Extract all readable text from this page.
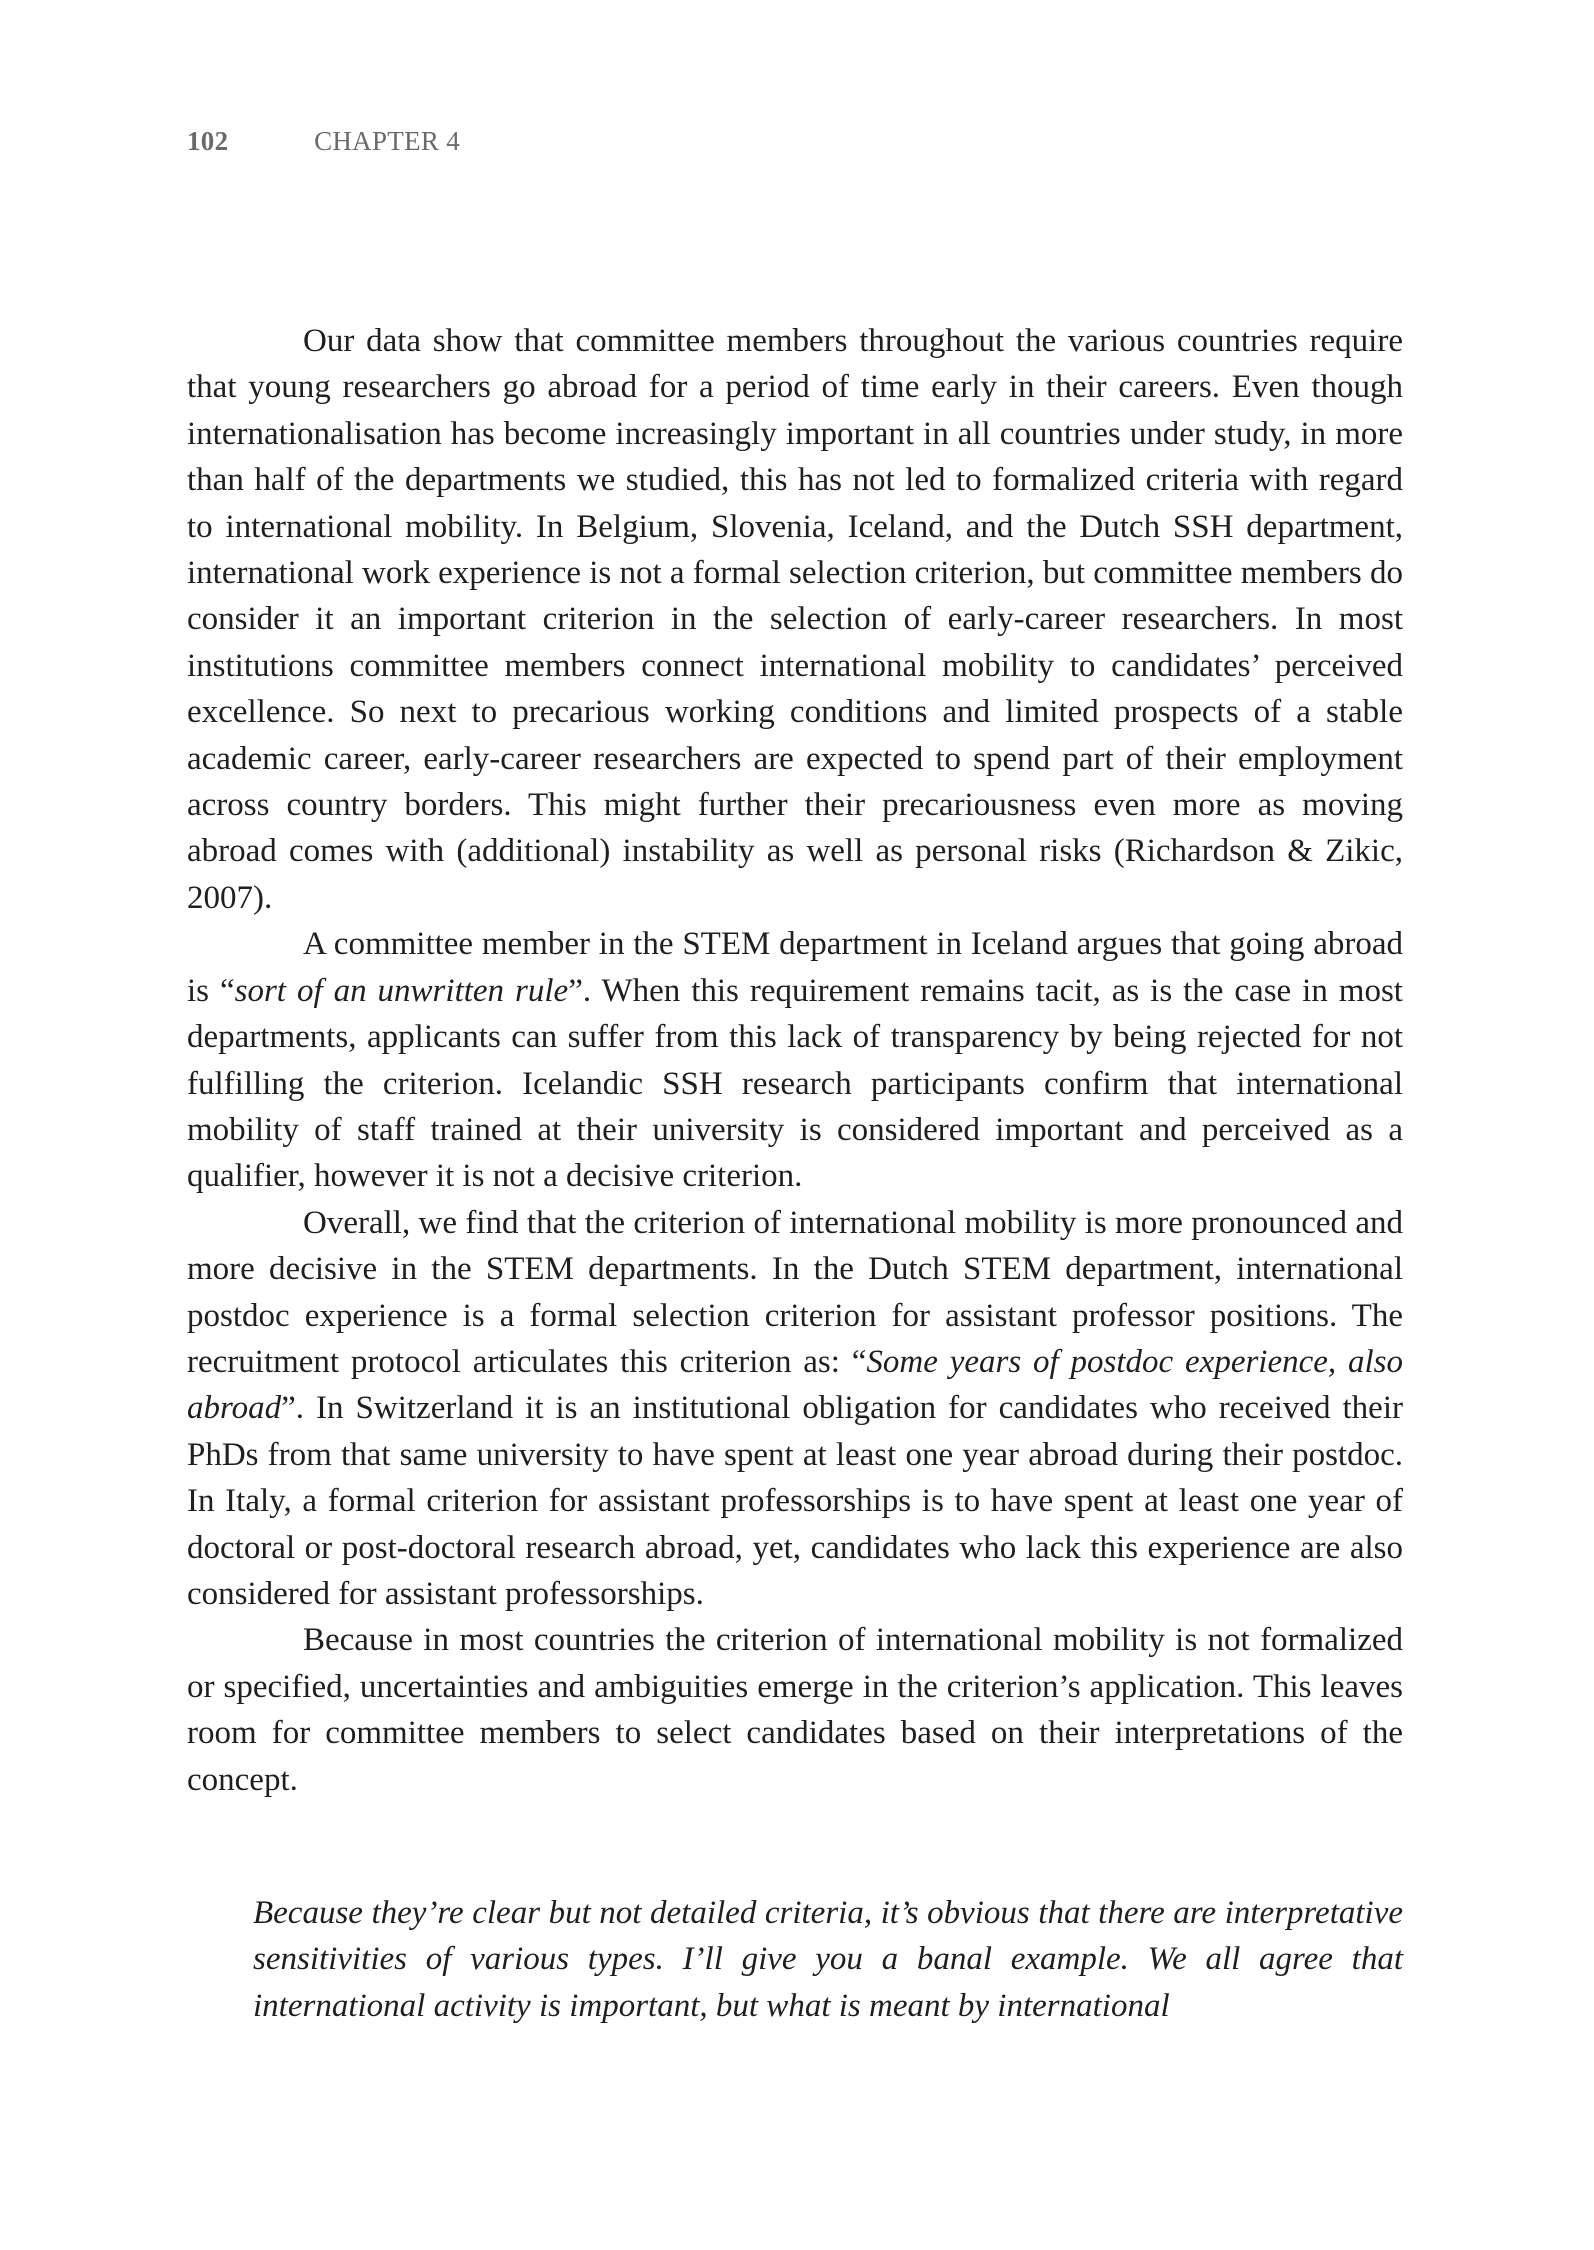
102	CHAPTER 4

Our data show that committee members throughout the various countries require that young researchers go abroad for a period of time early in their careers. Even though internationalisation has become increasingly important in all countries under study, in more than half of the departments we studied, this has not led to formalized criteria with regard to international mobility. In Belgium, Slovenia, Iceland, and the Dutch SSH department, international work experience is not a formal selection criterion, but committee members do consider it an important criterion in the selection of early-career researchers. In most institutions committee members connect international mobility to candidates’ perceived excellence. So next to precarious working conditions and limited prospects of a stable academic career, early-career researchers are expected to spend part of their employment across country borders. This might further their precariousness even more as moving abroad comes with (additional) instability as well as personal risks (Richardson & Zikic, 2007).

A committee member in the STEM department in Iceland argues that going abroad is “sort of an unwritten rule”. When this requirement remains tacit, as is the case in most departments, applicants can suffer from this lack of transparency by being rejected for not fulfilling the criterion. Icelandic SSH research participants confirm that international mobility of staff trained at their university is considered important and perceived as a qualifier, however it is not a decisive criterion.

Overall, we find that the criterion of international mobility is more pronounced and more decisive in the STEM departments. In the Dutch STEM department, international postdoc experience is a formal selection criterion for assistant professor positions. The recruitment protocol articulates this criterion as: “Some years of postdoc experience, also abroad”. In Switzerland it is an institutional obligation for candidates who received their PhDs from that same university to have spent at least one year abroad during their postdoc. In Italy, a formal criterion for assistant professorships is to have spent at least one year of doctoral or post-doctoral research abroad, yet, candidates who lack this experience are also considered for assistant professorships.

Because in most countries the criterion of international mobility is not formalized or specified, uncertainties and ambiguities emerge in the criterion’s application. This leaves room for committee members to select candidates based on their interpretations of the concept.

Because they’re clear but not detailed criteria, it’s obvious that there are interpretative sensitivities of various types. I’ll give you a banal example. We all agree that international activity is important, but what is meant by international
